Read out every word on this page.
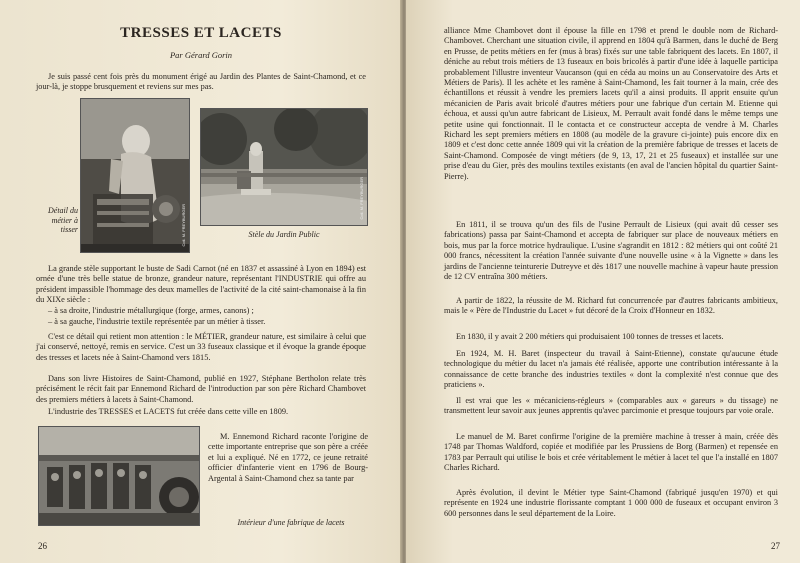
TRESSES ET LACETS
Par Gérard Gorin
Je suis passé cent fois près du monument érigé au Jardin des Plantes de Saint-Chamond, et ce jour-là, je stoppe brusquement et reviens sur mes pas.
Coll. M. FREYBURGER
Détail du métier à tisser
Coll. M. FREYBURGER
Stèle du Jardin Public
La grande stèle supportant le buste de Sadi Carnot (né en 1837 et assassiné à Lyon en 1894) est ornée d'une très belle statue de bronze, grandeur nature, représentant l'INDUSTRIE qui offre au président impassible l'hommage des deux mamelles de l'activité de la cité saint-chamonaise à la fin du XIXe siècle :
– à sa droite, l'industrie métallurgique (forge, armes, canons) ;
– à sa gauche, l'industrie textile représentée par un métier à tisser.
C'est ce détail qui retient mon attention : le MÉTIER, grandeur nature, est similaire à celui que j'ai conservé, nettoyé, remis en service. C'est un 33 fuseaux classique et il évoque la grande époque des tresses et lacets née à Saint-Chamond vers 1815.
Dans son livre Histoires de Saint-Chamond, publié en 1927, Stéphane Bertholon relate très précisément le récit fait par Ennemond Richard de l'introduction par son père Richard Chambovet des premiers métiers à lacets à Saint-Chamond.
L'industrie des TRESSES et LACETS fut créée dans cette ville en 1809.
M. Ennemond Richard raconte l'origine de cette importante entreprise que son père a créée et lui a expliqué. Né en 1772, ce jeune retraité officier d'infanterie vient en 1796 de Bourg-Argental à Saint-Chamond chez sa tante par
Intérieur d'une fabrique de lacets
26
alliance Mme Chambovet dont il épouse la fille en 1798 et prend le double nom de Richard-Chambovet. Cherchant une situation civile, il apprend en 1804 qu'à Barmen, dans le duché de Berg en Prusse, de petits métiers en fer (mus à bras) fixés sur une table fabriquent des lacets. En 1807, il déniche au rebut trois métiers de 13 fuseaux en bois bricolés à partir d'une idée à laquelle participa probablement l'illustre inventeur Vaucanson (qui en céda au moins un au Conservatoire des Arts et Métiers de Paris). Il les achète et les ramène à Saint-Chamond, les fait tourner à la main, crée des échantillons et réussit à vendre les premiers lacets qu'il a ainsi produits. Il apprit ensuite qu'un mécanicien de Paris avait bricolé d'autres métiers pour une fabrique d'un certain M. Etienne qui échoua, et aussi qu'un autre fabricant de Lisieux, M. Perrault avait fondé dans le même temps une petite usine qui fonctionnait. Il le contacta et ce constructeur accepta de vendre à M. Charles Richard les sept premiers métiers en 1808 (au modèle de la gravure ci-jointe) puis encore dix en 1809 et c'est donc cette année 1809 qui vit la création de la première fabrique de tresses et lacets de Saint-Chamond. Composée de vingt métiers (de 9, 13, 17, 21 et 25 fuseaux) et installée sur une prise d'eau du Gier, près des moulins textiles existants (en aval de l'ancien hôpital du quartier Saint-Pierre).
En 1811, il se trouva qu'un des fils de l'usine Perrault de Lisieux (qui avait dû cesser ses fabrications) passa par Saint-Chamond et accepta de fabriquer sur place de nouveaux métiers en bois, mus par la force motrice hydraulique. L'usine s'agrandit en 1812 : 82 métiers qui ont coûté 21 000 francs, nécessitent la création l'année suivante d'une nouvelle usine « à la Vignette » dans les jardins de l'ancienne teinturerie Dutreyve et dès 1817 une nouvelle machine à vapeur haute pression de 12 CV entraîna 300 métiers.
A partir de 1822, la réussite de M. Richard fut concurrencée par d'autres fabricants ambitieux, mais le « Père de l'Industrie du Lacet » fut décoré de la Croix d'Honneur en 1832.
En 1830, il y avait 2 200 métiers qui produisaient 100 tonnes de tresses et lacets.
En 1924, M. H. Baret (inspecteur du travail à Saint-Etienne), constate qu'aucune étude technologique du métier du lacet n'a jamais été réalisée, apporte une contribution intéressante à la connaissance de cette branche des industries textiles « dont la complexité n'est connue que des praticiens ».
Il est vrai que les « mécaniciens-régleurs » (comparables aux « gareurs » du tissage) ne transmettent leur savoir aux jeunes apprentis qu'avec parcimonie et presque toujours par voie orale.
Le manuel de M. Baret confirme l'origine de la première machine à tresser à main, créée dès 1748 par Thomas Waldford, copiée et modifiée par les Prussiens de Borg (Barmen) et repensée en 1783 par Perrault qui utilise le bois et crée véritablement le métier à lacet tel que l'a installé en 1807 Charles Richard.
Après évolution, il devint le Métier type Saint-Chamond (fabriqué jusqu'en 1970) et qui représente en 1924 une industrie florissante comptant 1 000 000 de fuseaux et occupant environ 3 600 personnes dans le seul département de la Loire.
27
